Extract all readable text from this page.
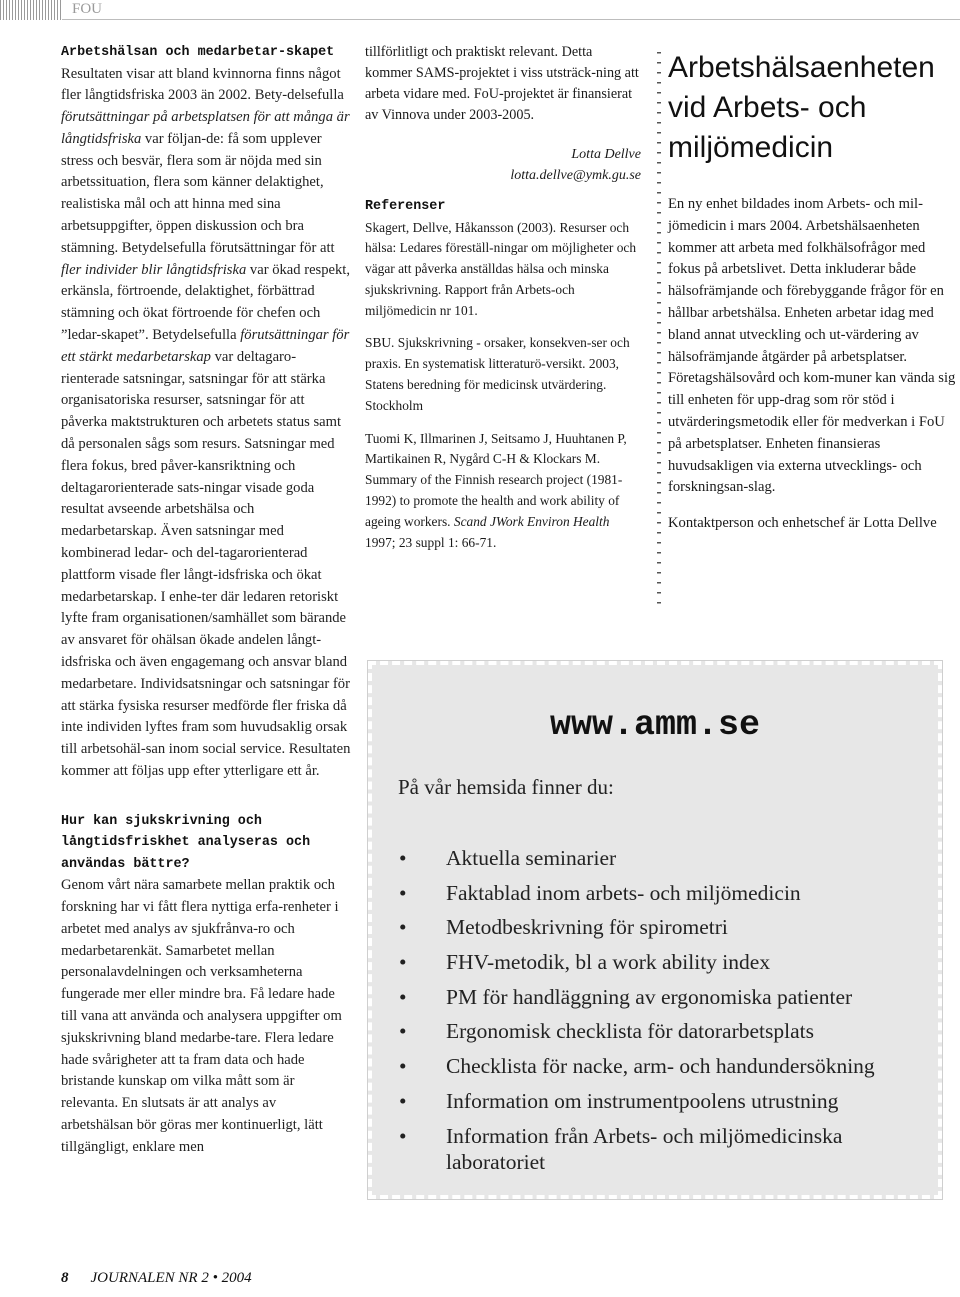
FOU

Arbetshälsan och medarbetar-skapet

Resultaten visar att bland kvinnorna finns något fler långtidsfriska 2003 än 2002. Bety-delsefulla förutsättningar på arbetsplatsen för att många är långtidsfriska var följan-de: få som upplever stress och besvär, flera som är nöjda med sin arbetssituation, flera som känner delaktighet, realistiska mål och att hinna med sina arbetsuppgifter, öppen diskussion och bra stämning. Betydelsefulla förutsättningar för att fler individer blir långtidsfriska var ökad respekt, erkänsla, förtroende, delaktighet, förbättrad stämning och ökat förtroende för chefen och ”ledar-skapet”. Betydelsefulla förutsättningar för ett stärkt medarbetarskap var deltagaro-rienterade satsningar, satsningar för att stärka organisatoriska resurser, satsningar för att påverka maktstrukturen och arbetets status samt då personalen sågs som resurs. Satsningar med flera fokus, bred påver-kansriktning och deltagarorienterade sats-ningar visade goda resultat avseende arbetshälsa och medarbetarskap. Även satsningar med kombinerad ledar- och del-tagarorienterad plattform visade fler långt-idsfriska och ökat medarbetarskap. I enhe-ter där ledaren retoriskt lyfte fram organisationen/samhället som bärande av ansvaret för ohälsan ökade andelen långt-idsfriska och även engagemang och ansvar bland medarbetare. Individsatsningar och satsningar för att stärka fysiska resurser medförde fler friska då inte individen lyftes fram som huvudsaklig orsak till arbetsohäl-san inom social service. Resultaten kommer att följas upp efter ytterligare ett år.

Hur kan sjukskrivning och långtidsfriskhet analyseras och användas bättre?

Genom vårt nära samarbete mellan praktik och forskning har vi fått flera nyttiga erfa-renheter i arbetet med analys av sjukfrånva-ro och medarbetarenkät. Samarbetet mellan personalavdelningen och verksamheterna fungerade mer eller mindre bra. Få ledare hade till vana att använda och analysera uppgifter om sjukskrivning bland medarbe-tare. Flera ledare hade svårigheter att ta fram data och hade bristande kunskap om vilka mått som är relevanta. En slutsats är att analys av arbetshälsan bör göras mer kontinuerligt, lätt tillgängligt, enklare men

tillförlitligt och praktiskt relevant. Detta kommer SAMS-projektet i viss utsträck-ning att arbeta vidare med. FoU-projektet är finansierat av Vinnova under 2003-2005.

Lotta Dellve

lotta.dellve@ymk.gu.se

Referenser

Skagert, Dellve, Håkansson (2003). Resurser och hälsa: Ledares föreställ-ningar om möjligheter och vägar att påverka anställdas hälsa och minska sjukskrivning. Rapport från Arbets-och miljömedicin nr 101.

SBU. Sjukskrivning - orsaker, konsekven-ser och praxis. En systematisk litteraturö-versikt. 2003, Statens beredning för medicinsk utvärdering. Stockholm

Tuomi K, Illmarinen J, Seitsamo J, Huuhtanen P, Martikainen R, Nygård C-H & Klockars M. Summary of the Finnish research project (1981-1992) to promote the health and work ability of ageing workers. Scand JWork Environ Health 1997; 23 suppl 1: 66-71.

Arbetshälsaenheten vid Arbets- och miljömedicin

En ny enhet bildades inom Arbets- och mil-jömedicin i mars 2004. Arbetshälsaenheten kommer att arbeta med folkhälsofrågor med fokus på arbetslivet. Detta inkluderar både hälsofrämjande och förebyggande frågor för en hållbar arbetshälsa. Enheten arbetar idag med bland annat utveckling och ut-värdering av hälsofrämjande åtgärder på arbetsplatser. Företagshälsovård och kom-muner kan vända sig till enheten för upp-drag som rör stöd i utvärderingsmetodik eller för medverkan i FoU på arbetsplatser. Enheten finansieras huvudsakligen via externa utvecklings- och forskningsan-slag.

Kontaktperson och enhetschef är Lotta Dellve

www.amm.se
På vår hemsida finner du:
• Aktuella seminarier
• Faktablad inom arbets- och miljömedicin
• Metodbeskrivning för spirometri
• FHV-metodik, bl a work ability index
• PM för handläggning av ergonomiska patienter
• Ergonomisk checklista för datorarbetsplats
• Checklista för nacke, arm- och handundersökning
• Information om instrumentpoolens utrustning
• Information från Arbets- och miljömedicinska laboratoriet
8 JOURNALEN NR 2 • 2004
